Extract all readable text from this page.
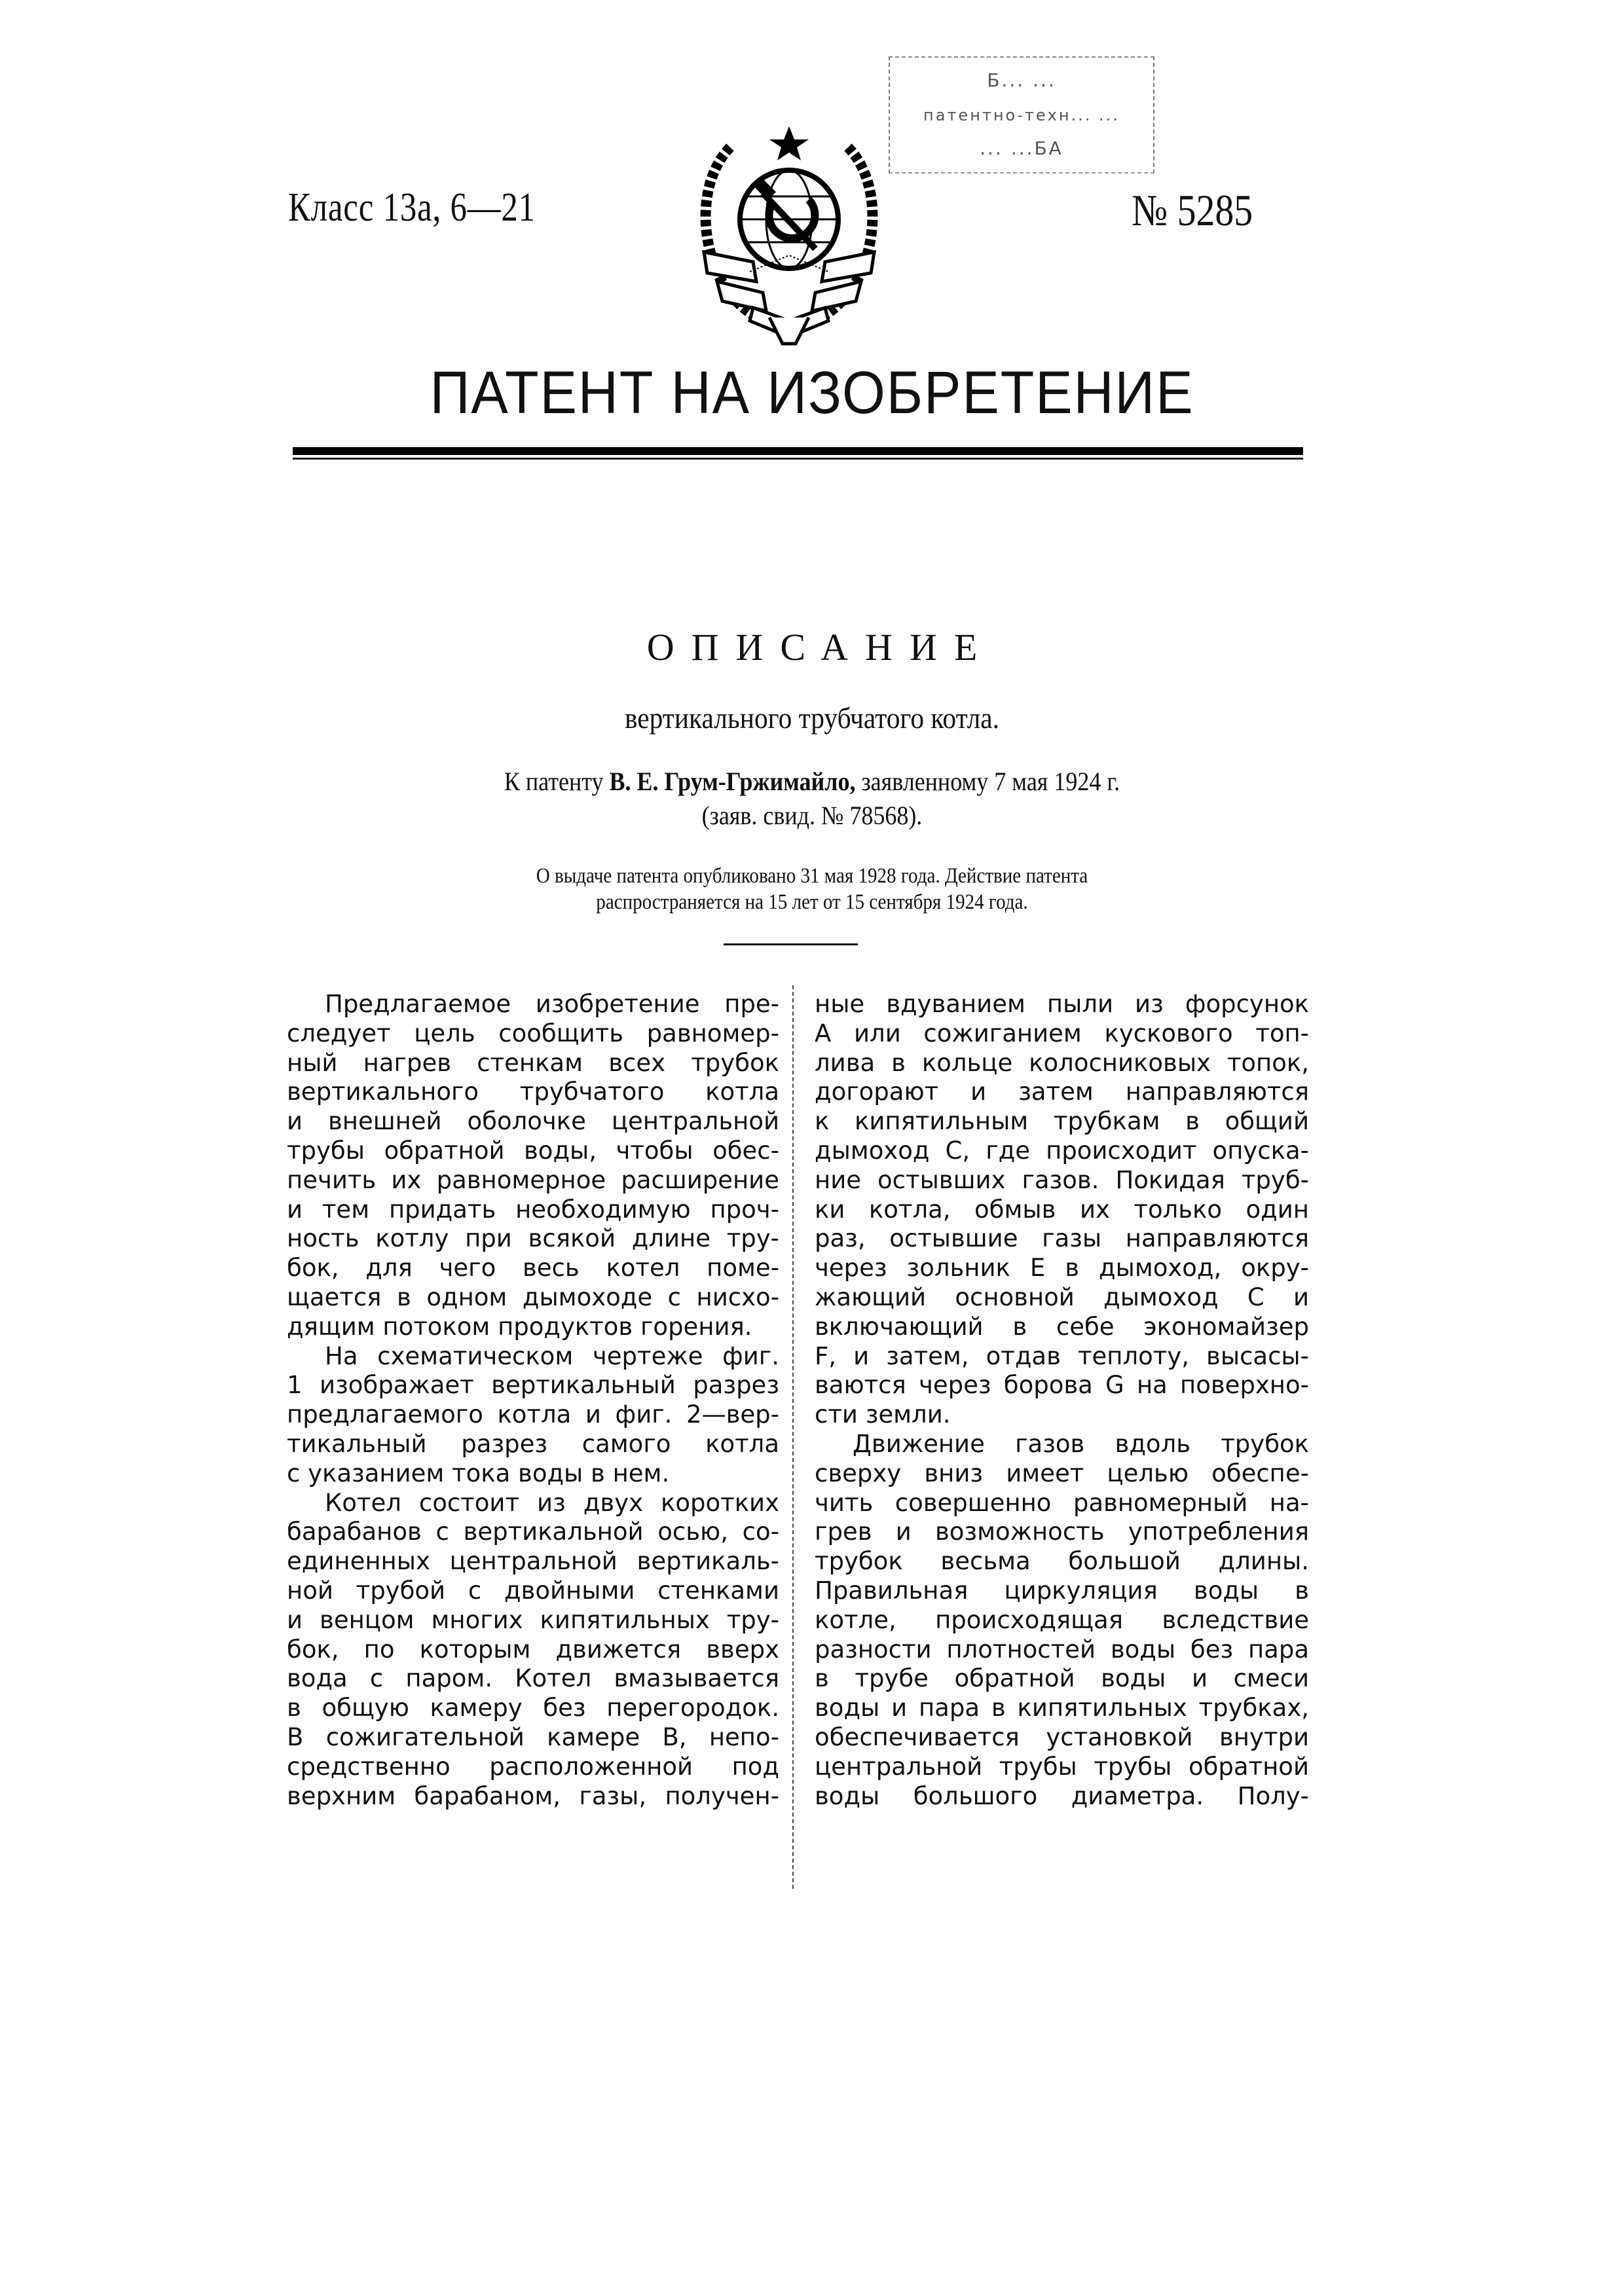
Класс 13а, 6—21
Б... ...
патентно-техн... ...
... ...БА
№ 5285
ПАТЕНТ НА ИЗОБРЕТЕНИЕ
ОПИСАНИЕ
вертикального трубчатого котла.
К патенту В. Е. Грум-Гржимайло, заявленному 7 мая 1924 г.
(заяв. свид. № 78568).
О выдаче патента опубликовано 31 мая 1928 года. Действие патента
распространяется на 15 лет от 15 сентября 1924 года.
Предлагаемое изобретение пре-
следует цель сообщить равномер-
ный нагрев стенкам всех трубок
вертикального трубчатого котла
и внешней оболочке центральной
трубы обратной воды, чтобы обес-
печить их равномерное расширение
и тем придать необходимую проч-
ность котлу при всякой длине тру-
бок, для чего весь котел поме-
щается в одном дымоходе с нисхо-
дящим потоком продуктов горения.
На схематическом чертеже фиг.
1 изображает вертикальный разрез
предлагаемого котла и фиг. 2—вер-
тикальный разрез самого котла
с указанием тока воды в нем.
Котел состоит из двух коротких
барабанов с вертикальной осью, со-
единенных центральной вертикаль-
ной трубой с двойными стенками
и венцом многих кипятильных тру-
бок, по которым движется вверх
вода с паром. Котел вмазывается
в общую камеру без перегородок.
В сожигательной камере B, непо-
средственно расположенной под
верхним барабаном, газы, получен-
ные вдуванием пыли из форсунок
A или сожиганием кускового топ-
лива в кольце колосниковых топок,
догорают и затем направляются
к кипятильным трубкам в общий
дымоход C, где происходит опуска-
ние остывших газов. Покидая труб-
ки котла, обмыв их только один
раз, остывшие газы направляются
через зольник E в дымоход, окру-
жающий основной дымоход C и
включающий в себе экономайзер
F, и затем, отдав теплоту, высасы-
ваются через борова G на поверхно-
сти земли.
Движение газов вдоль трубок
сверху вниз имеет целью обеспе-
чить совершенно равномерный на-
грев и возможность употребления
трубок весьма большой длины.
Правильная циркуляция воды в
котле, происходящая вследствие
разности плотностей воды без пара
в трубе обратной воды и смеси
воды и пара в кипятильных трубках,
обеспечивается установкой внутри
центральной трубы трубы обратной
воды большого диаметра. Полу-
